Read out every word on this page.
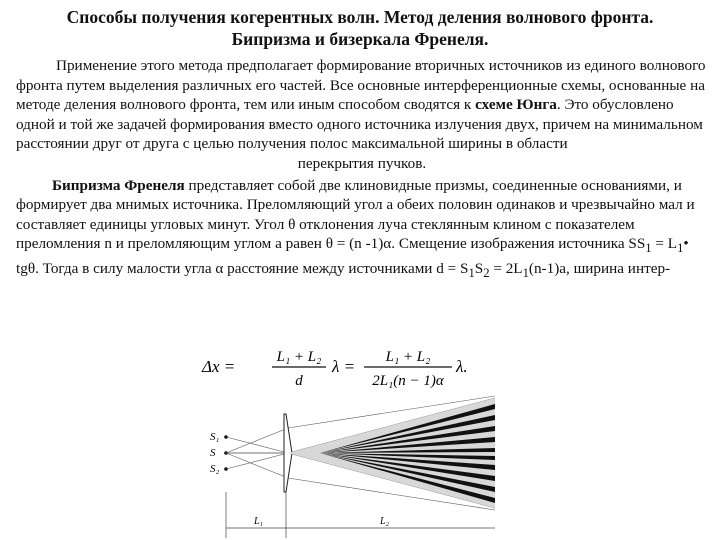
Способы получения когерентных волн. Метод деления волнового фронта.
Бипризма и бизеркала Френеля.

Применение этого метода предполагает формирование вторичных источников из единого волнового фронта путем выделения различных его частей. Все основные интерференционные схемы, основанные на методе деления волнового фронта, тем или иным способом сводятся к схеме Юнга. Это обусловлено одной и той же задачей формирования вместо одного источника излучения двух, причем на минимальном расстоянии друг от друга с целью получения полос максимальной ширины в области
перекрытия пучков.

Бипризма Френеля представляет собой две клиновидные призмы, соединенные основаниями, и формирует два мнимых источника. Преломляющий угол a обеих половин одинаков и чрезвычайно мал и составляет единицы угловых минут. Угол θ отклонения луча стеклянным клином с показателем преломления n и преломляющим углом a равен θ = (n -1)α. Смещение изображения источника $SS_1$ = $L_1•$ tgθ. Тогда в силу малости угла α расстояние между источниками $d = S_1S_2 = 2L_1(n-1)a$, ширина интер-

Δx =	L₁ + L₂
d
λ = L₁ + L₂
2L₁(n − 1)α
λ.
S₁
S
S₂
L₁	L₂
